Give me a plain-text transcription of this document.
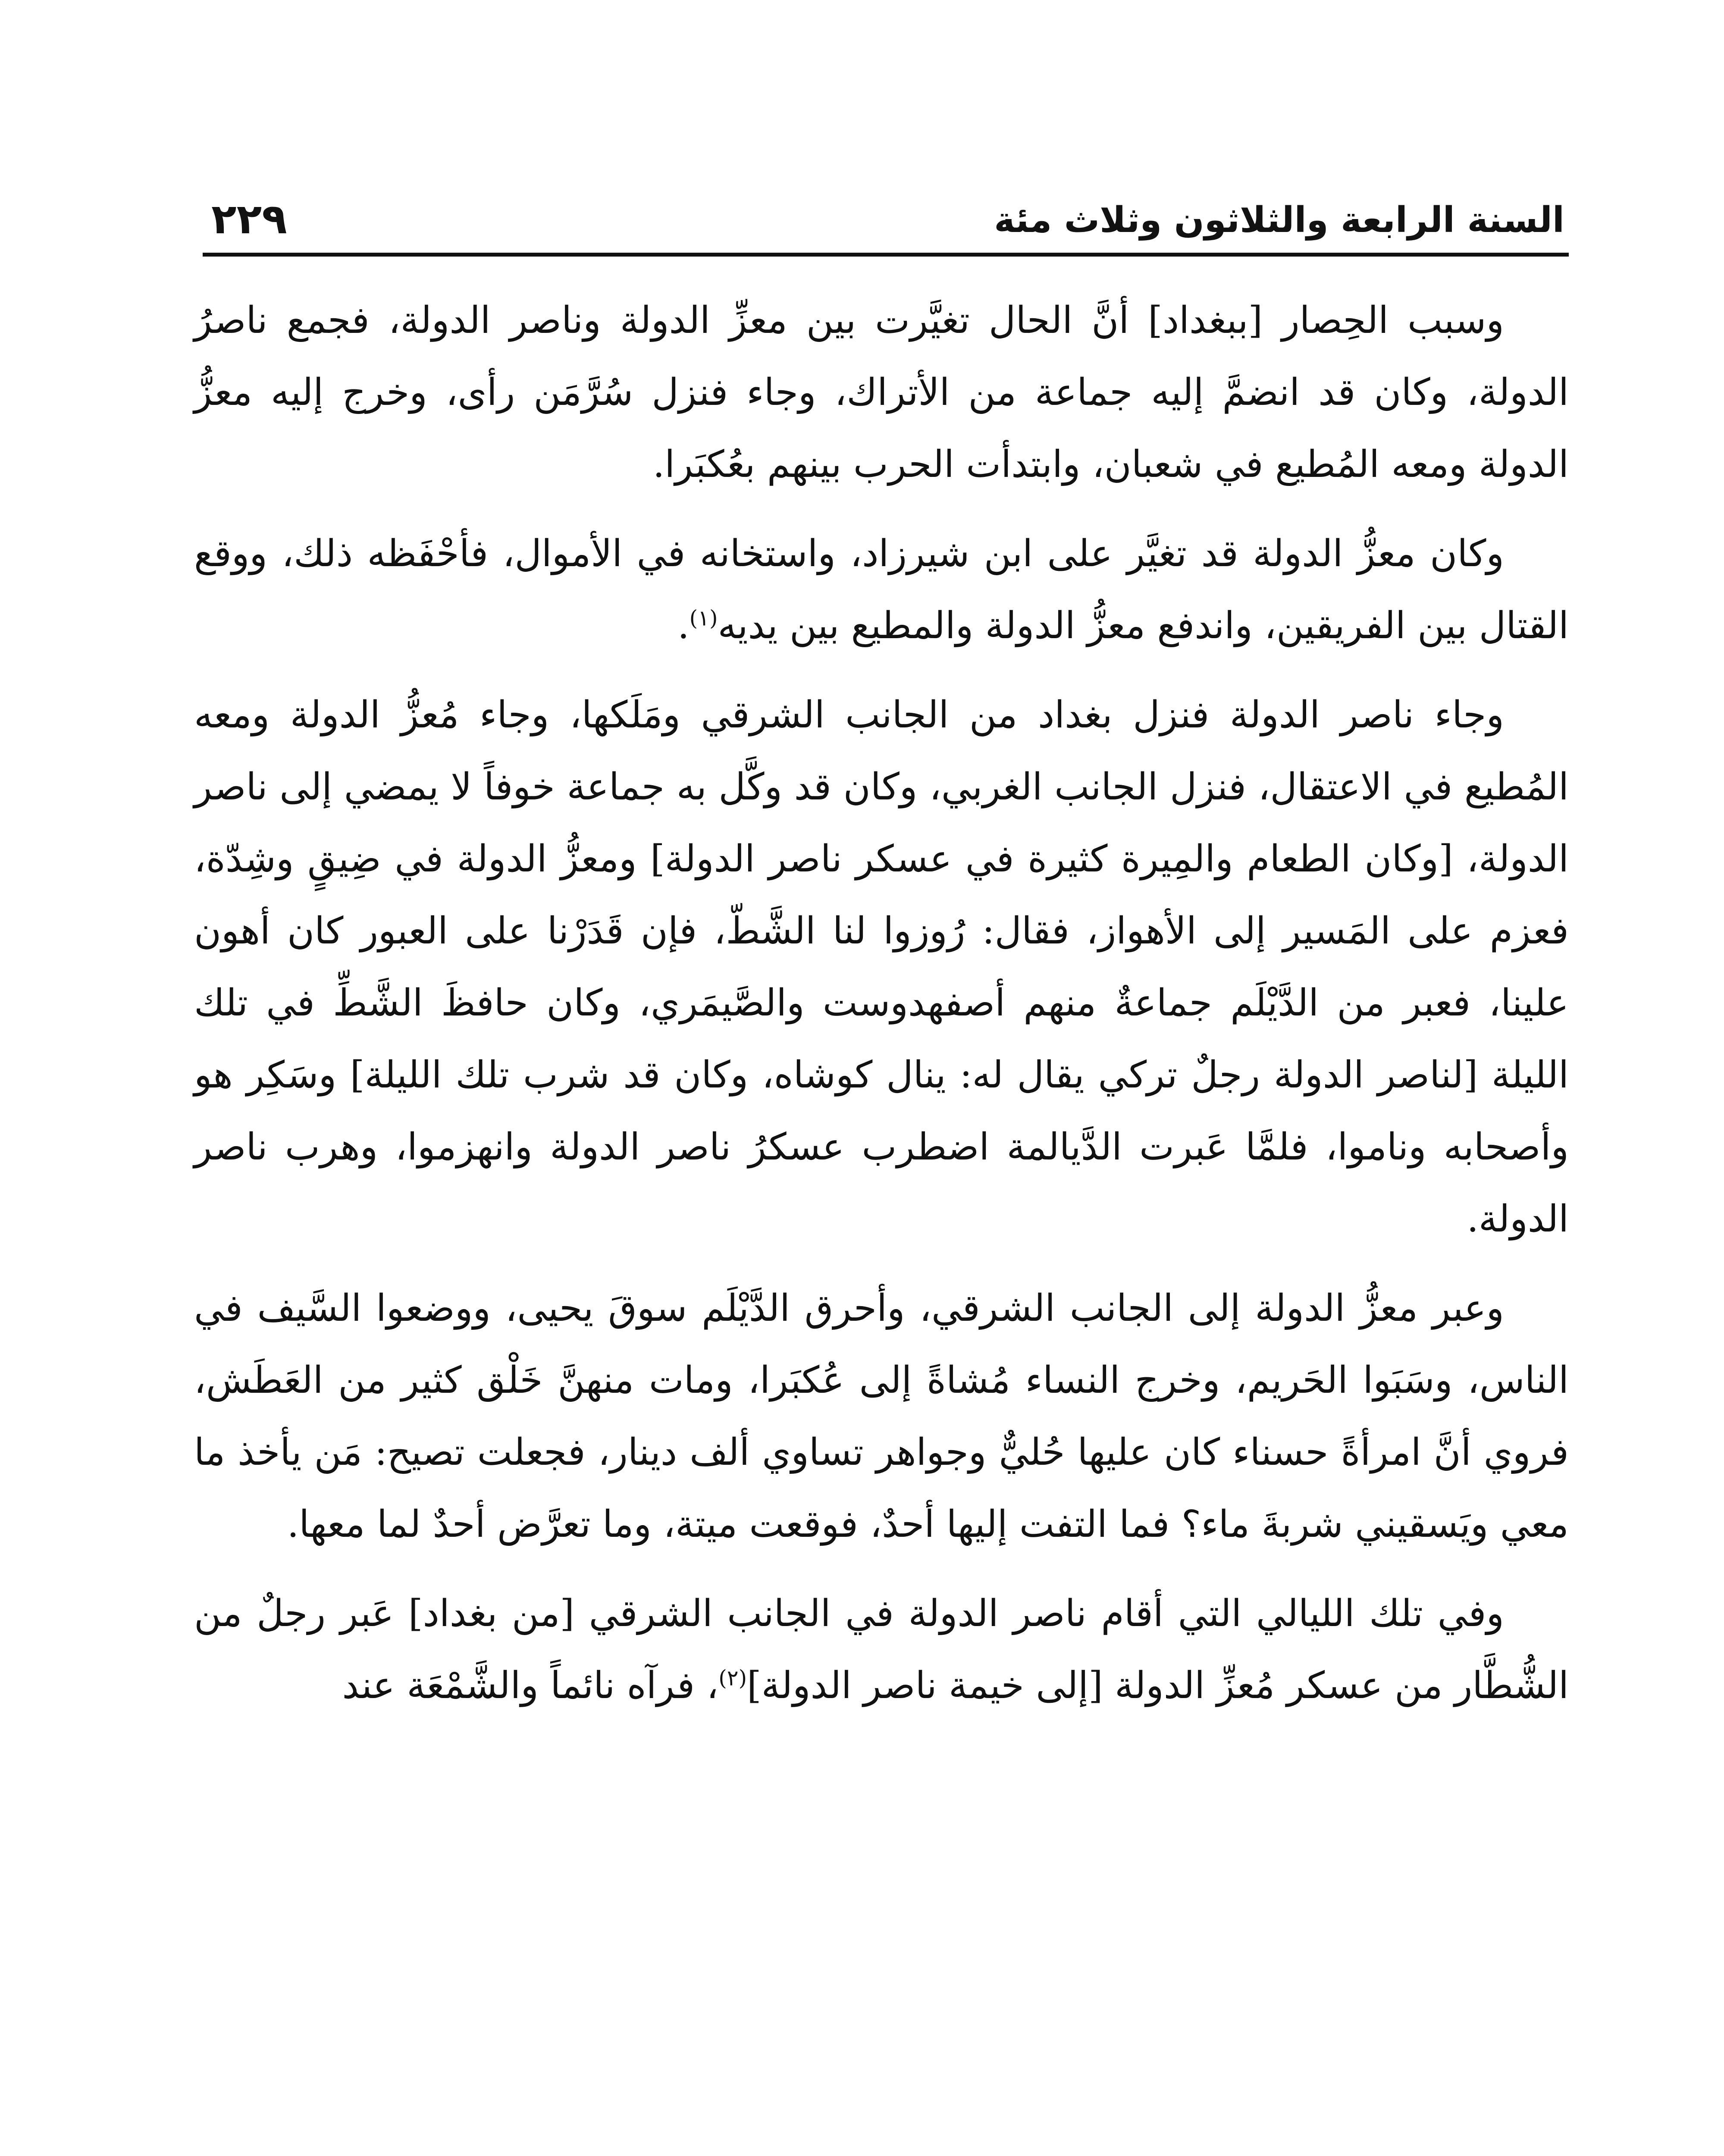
السنة الرابعة والثلاثون وثلاث مئة
٢٢٩

وسبب الحِصار [ببغداد] أنَّ الحال تغيَّرت بين معزِّ الدولة وناصر الدولة، فجمع ناصرُ الدولة، وكان قد انضمَّ إليه جماعة من الأتراك، وجاء فنزل سُرَّمَن رأى، وخرج إليه معزُّ الدولة ومعه المُطيع في شعبان، وابتدأت الحرب بينهم بعُكبَرا.

وكان معزُّ الدولة قد تغيَّر على ابن شيرزاد، واستخانه في الأموال، فأحْفَظه ذلك، ووقع القتال بين الفريقين، واندفع معزُّ الدولة والمطيع بين يديه$^{(١)}$.

وجاء ناصر الدولة فنزل بغداد من الجانب الشرقي ومَلَكها، وجاء مُعزُّ الدولة ومعه المُطيع في الاعتقال، فنزل الجانب الغربي، وكان قد وكَّل به جماعة خوفاً لا يمضي إلى ناصر الدولة، [وكان الطعام والمِيرة كثيرة في عسكر ناصر الدولة] ومعزُّ الدولة في ضِيقٍ وشِدّة، فعزم على المَسير إلى الأهواز، فقال: رُوزوا لنا الشَّطّ، فإن قَدَرْنا على العبور كان أهون علينا، فعبر من الدَّيْلَم جماعةٌ منهم أصفهدوست والصَّيمَري، وكان حافظَ الشَّطِّ في تلك الليلة [لناصر الدولة رجلٌ تركي يقال له: ينال كوشاه، وكان قد شرب تلك الليلة] وسَكِر هو وأصحابه وناموا، فلمَّا عَبرت الدَّيالمة اضطرب عسكرُ ناصر الدولة وانهزموا، وهرب ناصر الدولة.

وعبر معزُّ الدولة إلى الجانب الشرقي، وأحرق الدَّيْلَم سوقَ يحيى، ووضعوا السَّيف في الناس، وسَبَوا الحَريم، وخرج النساء مُشاةً إلى عُكبَرا، ومات منهنَّ خَلْق كثير من العَطَش، فروي أنَّ امرأةً حسناء كان عليها حُليٌّ وجواهر تساوي ألف دينار، فجعلت تصيح: مَن يأخذ ما معي ويَسقيني شربةَ ماء؟ فما التفت إليها أحدٌ، فوقعت ميتة، وما تعرَّض أحدٌ لما معها.

وفي تلك الليالي التي أقام ناصر الدولة في الجانب الشرقي [من بغداد] عَبر رجلٌ من الشُّطَّار من عسكر مُعزِّ الدولة [إلى خيمة ناصر الدولة]$^{(٢)}$، فرآه نائماً والشَّمْعَة عند
